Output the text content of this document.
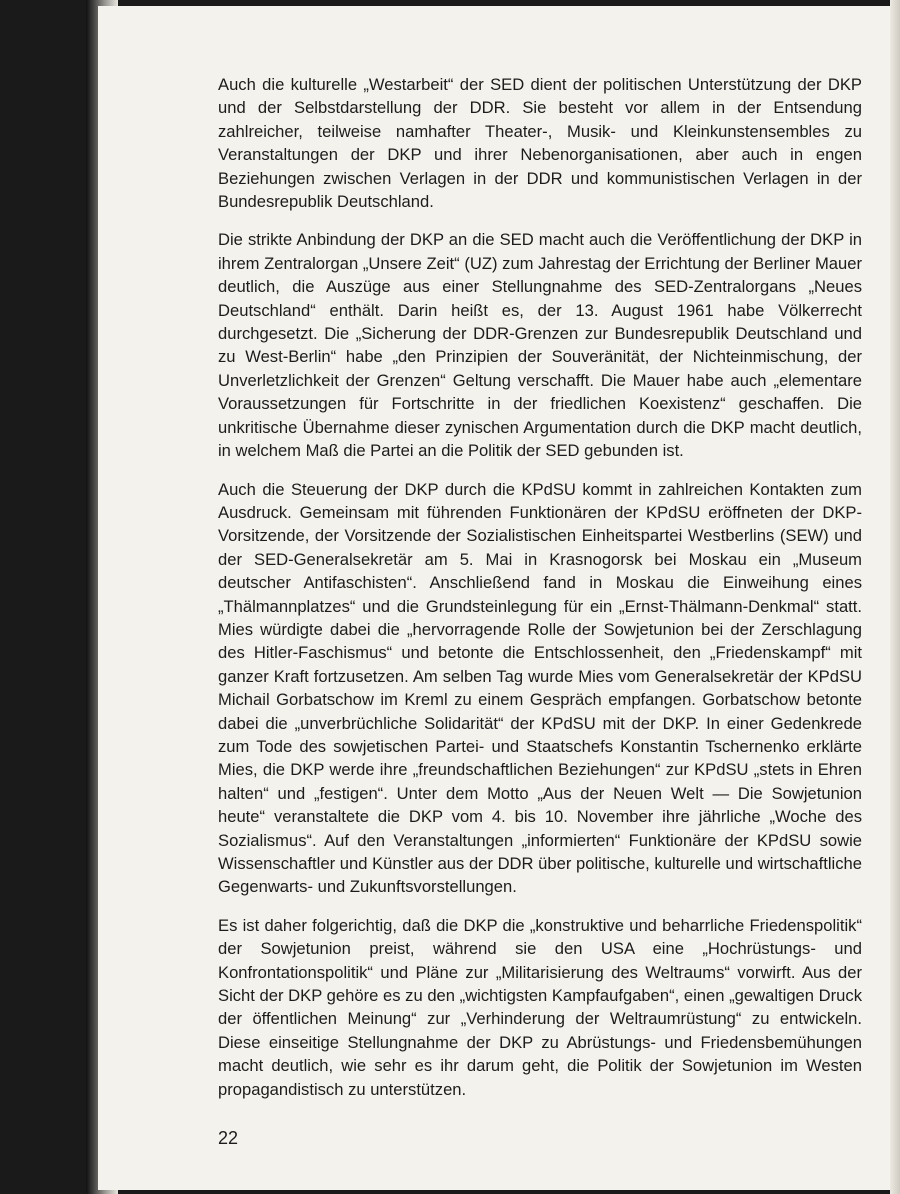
Auch die kulturelle „Westarbeit“ der SED dient der politischen Unterstützung der DKP und der Selbstdarstellung der DDR. Sie besteht vor allem in der Entsendung zahlreicher, teilweise namhafter Theater-, Musik- und Kleinkunstensembles zu Veranstaltungen der DKP und ihrer Nebenorganisationen, aber auch in engen Beziehungen zwischen Verlagen in der DDR und kommunistischen Verlagen in der Bundesrepublik Deutschland.

Die strikte Anbindung der DKP an die SED macht auch die Veröffentlichung der DKP in ihrem Zentralorgan „Unsere Zeit“ (UZ) zum Jahrestag der Errichtung der Berliner Mauer deutlich, die Auszüge aus einer Stellungnahme des SED-Zentralorgans „Neues Deutschland“ enthält. Darin heißt es, der 13. August 1961 habe Völkerrecht durchgesetzt. Die „Sicherung der DDR-Grenzen zur Bundesrepublik Deutschland und zu West-Berlin“ habe „den Prinzipien der Souveränität, der Nichteinmischung, der Unverletzlichkeit der Grenzen“ Geltung verschafft. Die Mauer habe auch „elementare Voraussetzungen für Fortschritte in der friedlichen Koexistenz“ geschaffen. Die unkritische Übernahme dieser zynischen Argumentation durch die DKP macht deutlich, in welchem Maß die Partei an die Politik der SED gebunden ist.

Auch die Steuerung der DKP durch die KPdSU kommt in zahlreichen Kontakten zum Ausdruck. Gemeinsam mit führenden Funktionären der KPdSU eröffneten der DKP-Vorsitzende, der Vorsitzende der Sozialistischen Einheitspartei Westberlins (SEW) und der SED-Generalsekretär am 5. Mai in Krasnogorsk bei Moskau ein „Museum deutscher Antifaschisten“. Anschließend fand in Moskau die Einweihung eines „Thälmannplatzes“ und die Grundsteinlegung für ein „Ernst-Thälmann-Denkmal“ statt. Mies würdigte dabei die „hervorragende Rolle der Sowjetunion bei der Zerschlagung des Hitler-Faschismus“ und betonte die Entschlossenheit, den „Friedenskampf“ mit ganzer Kraft fortzusetzen. Am selben Tag wurde Mies vom Generalsekretär der KPdSU Michail Gorbatschow im Kreml zu einem Gespräch empfangen. Gorbatschow betonte dabei die „unverbrüchliche Solidarität“ der KPdSU mit der DKP. In einer Gedenkrede zum Tode des sowjetischen Partei- und Staatschefs Konstantin Tschernenko erklärte Mies, die DKP werde ihre „freundschaftlichen Beziehungen“ zur KPdSU „stets in Ehren halten“ und „festigen“. Unter dem Motto „Aus der Neuen Welt — Die Sowjetunion heute“ veranstaltete die DKP vom 4. bis 10. November ihre jährliche „Woche des Sozialismus“. Auf den Veranstaltungen „informierten“ Funktionäre der KPdSU sowie Wissenschaftler und Künstler aus der DDR über politische, kulturelle und wirtschaftliche Gegenwarts- und Zukunftsvorstellungen.

Es ist daher folgerichtig, daß die DKP die „konstruktive und beharrliche Friedenspolitik“ der Sowjetunion preist, während sie den USA eine „Hochrüstungs- und Konfrontationspolitik“ und Pläne zur „Militarisierung des Weltraums“ vorwirft. Aus der Sicht der DKP gehöre es zu den „wichtigsten Kampfaufgaben“, einen „gewaltigen Druck der öffentlichen Meinung“ zur „Verhinderung der Weltraumrüstung“ zu entwickeln. Diese einseitige Stellungnahme der DKP zu Abrüstungs- und Friedensbemühungen macht deutlich, wie sehr es ihr darum geht, die Politik der Sowjetunion im Westen propagandistisch zu unterstützen.

22
